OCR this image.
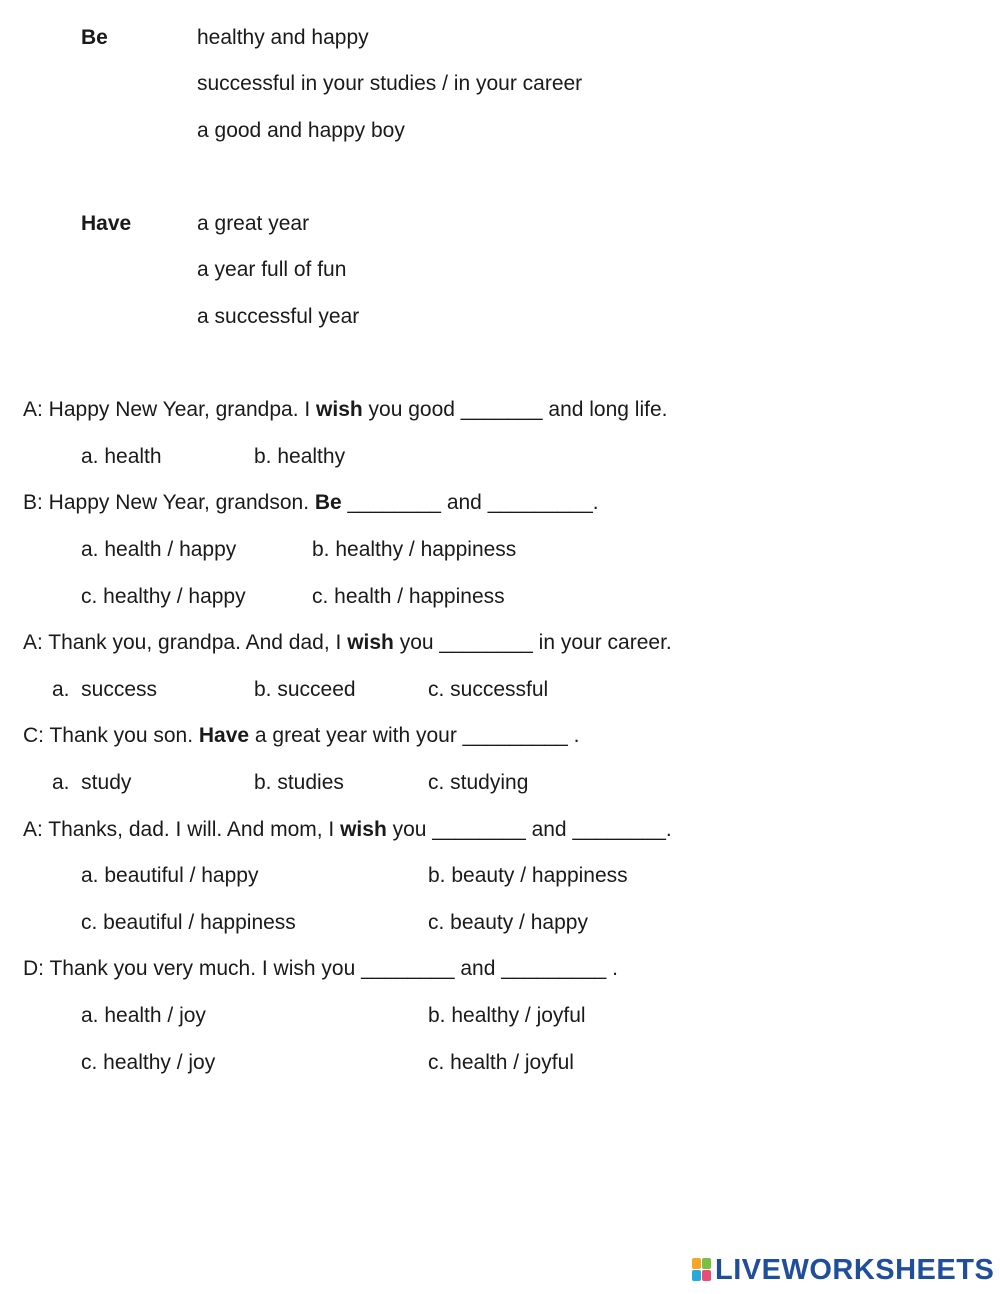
Be	healthy and happy
successful in your studies / in your career
a good and happy boy
Have	a great year
a year full of fun
a successful year
A: Happy New Year, grandpa. I wish you good _______ and long life.
a. health	b. healthy
B: Happy New Year, grandson. Be ________ and _________.
a. health / happy	b. healthy / happiness
c. healthy / happy	c. health / happiness
A: Thank you, grandpa. And dad, I wish you ________ in your career.
a.  success	b. succeed	c. successful
C: Thank you son. Have a great year with your _________ .
a.  study	b. studies	c. studying
A: Thanks, dad. I will. And mom, I wish you ________ and ________.
a. beautiful / happy	b. beauty / happiness
c. beautiful / happiness	c. beauty / happy
D: Thank you very much. I wish you ________ and _________ .
a. health / joy	b. healthy / joyful
c. healthy / joy	c. health / joyful
LIVEWORKSHEETS
